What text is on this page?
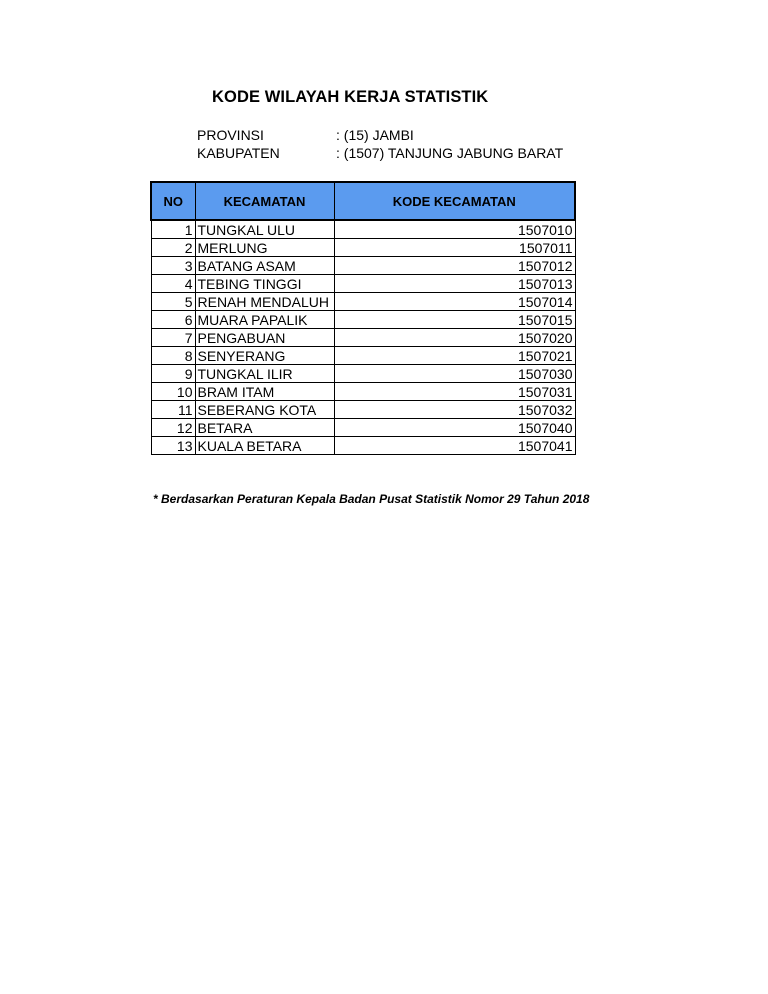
KODE WILAYAH KERJA STATISTIK
PROVINSI	: (15) JAMBI
KABUPATEN	: (1507) TANJUNG JABUNG BARAT
NO	KECAMATAN	KODE KECAMATAN
1	TUNGKAL ULU	1507010
2	MERLUNG	1507011
3	BATANG ASAM	1507012
4	TEBING TINGGI	1507013
5	RENAH MENDALUH	1507014
6	MUARA PAPALIK	1507015
7	PENGABUAN	1507020
8	SENYERANG	1507021
9	TUNGKAL ILIR	1507030
10	BRAM ITAM	1507031
11	SEBERANG KOTA	1507032
12	BETARA	1507040
13	KUALA BETARA	1507041
* Berdasarkan Peraturan Kepala Badan Pusat Statistik Nomor 29 Tahun 2018
